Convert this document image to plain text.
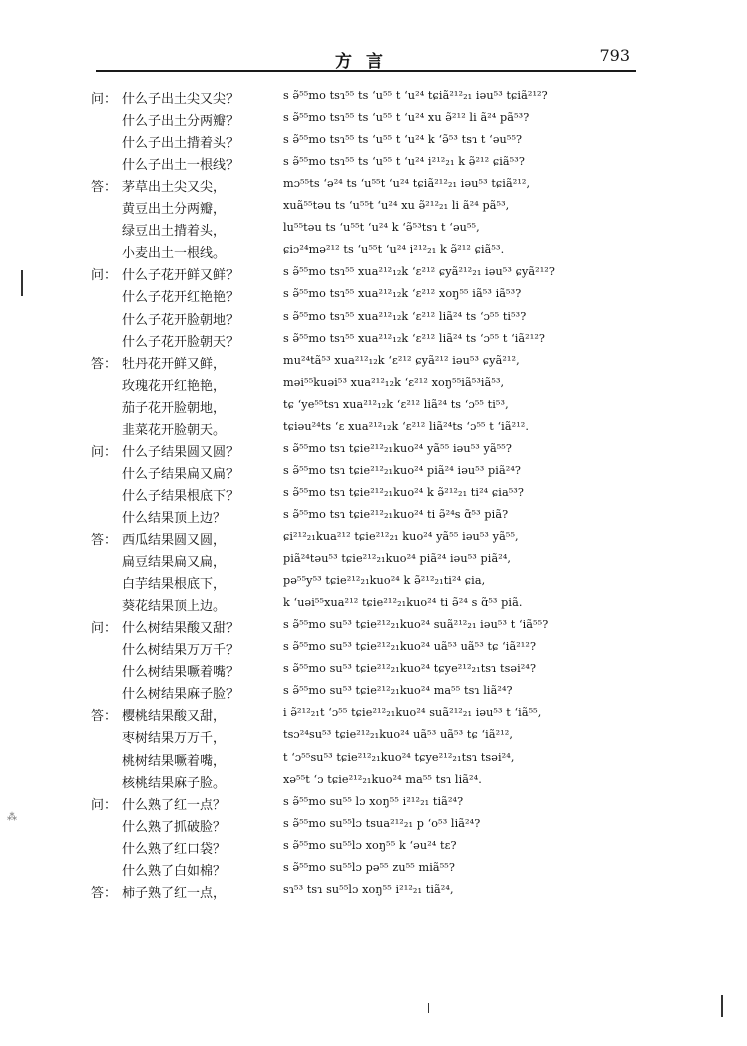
方言	793
⁂
问： 什么子出土尖又尖？	s ə̃⁵⁵mo tsɿ⁵⁵ ts ʻu⁵⁵ t ʻu²⁴ tɕiã²¹²₂₁ iəu⁵³ tɕiã²¹²?
什么子出土分两瓣？	s ə̃⁵⁵mo tsɿ⁵⁵ ts ʻu⁵⁵ t ʻu²⁴ xu ə̃²¹² li ã²⁴ pã⁵³?
什么子出土揹着头？	s ə̃⁵⁵mo tsɿ⁵⁵ ts ʻu⁵⁵ t ʻu²⁴ k ʻə̃⁵³ tsɿ t ʻəu⁵⁵?
什么子出土一根线？	s ə̃⁵⁵mo tsɿ⁵⁵ ts ʻu⁵⁵ t ʻu²⁴ i²¹²₂₁ k ə̃²¹² ɕiã⁵³?
答： 茅草出土尖又尖，	mɔ⁵⁵ts ʻə²⁴ ts ʻu⁵⁵t ʻu²⁴ tɕiã²¹²₂₁ iəu⁵³ tɕiã²¹²,
黄豆出土分两瓣，	xuã⁵⁵təu ts ʻu⁵⁵t ʻu²⁴ xu ə̃²¹²₂₁ li ã²⁴ pã⁵³,
绿豆出土揹着头，	lu⁵⁵təu ts ʻu⁵⁵t ʻu²⁴ k ʻə̃⁵³tsɿ t ʻəu⁵⁵,
小麦出土一根线。	ɕiɔ²⁴mə²¹² ts ʻu⁵⁵t ʻu²⁴ i²¹²₂₁ k ə̃²¹² ɕiã⁵³.
问： 什么子花开鲜又鲜？	s ə̃⁵⁵mo tsɿ⁵⁵ xua²¹²₁₂k ʻɛ²¹² ɕyã²¹²₂₁ iəu⁵³ ɕyã²¹²?
什么子花开红艳艳？	s ə̃⁵⁵mo tsɿ⁵⁵ xua²¹²₁₂k ʻɛ²¹² xoŋ⁵⁵ iã⁵³ iã⁵³?
什么子花开脸朝地？	s ə̃⁵⁵mo tsɿ⁵⁵ xua²¹²₁₂k ʻɛ²¹² liã²⁴ ts ʻɔ⁵⁵ ti⁵³?
什么子花开脸朝天？	s ə̃⁵⁵mo tsɿ⁵⁵ xua²¹²₁₂k ʻɛ²¹² liã²⁴ ts ʻɔ⁵⁵ t ʻiã²¹²?
答： 牡丹花开鲜又鲜，	mu²⁴tã⁵³ xua²¹²₁₂k ʻɛ²¹² ɕyã²¹² iəu⁵³ ɕyã²¹²,
玫瑰花开红艳艳，	məi⁵⁵kuəi⁵³ xua²¹²₁₂k ʻɛ²¹² xoŋ⁵⁵iã⁵³iã⁵³,
茄子花开脸朝地，	tɕ ʻye⁵⁵tsɿ xua²¹²₁₂k ʻɛ²¹² liã²⁴ ts ʻɔ⁵⁵ ti⁵³,
韭菜花开脸朝天。	tɕiəu²⁴ts ʻɛ xua²¹²₁₂k ʻɛ²¹² liã²⁴ts ʻɔ⁵⁵ t ʻiã²¹².
问： 什么子结果圆又圆？	s ə̃⁵⁵mo tsɿ tɕie²¹²₂₁kuo²⁴ yã⁵⁵ iəu⁵³ yã⁵⁵?
什么子结果扁又扁？	s ə̃⁵⁵mo tsɿ tɕie²¹²₂₁kuo²⁴ piã²⁴ iəu⁵³ piã²⁴?
什么子结果根底下？	s ə̃⁵⁵mo tsɿ tɕie²¹²₂₁kuo²⁴ k ə̃²¹²₂₁ ti²⁴ ɕia⁵³?
什么结果顶上边？	s ə̃⁵⁵mo tsɿ tɕie²¹²₂₁kuo²⁴ ti ə̃²⁴s ɑ̃⁵³ piã?
答： 西瓜结果圆又圆，	ɕi²¹²₂₁kua²¹² tɕie²¹²₂₁ kuo²⁴ yã⁵⁵ iəu⁵³ yã⁵⁵,
扁豆结果扁又扁，	piã²⁴təu⁵³ tɕie²¹²₂₁kuo²⁴ piã²⁴ iəu⁵³ piã²⁴,
白芋结果根底下，	pə⁵⁵y⁵³ tɕie²¹²₂₁kuo²⁴ k ə̃²¹²₂₁ti²⁴ ɕia,
葵花结果顶上边。	k ʻuəi⁵⁵xua²¹² tɕie²¹²₂₁kuo²⁴ ti ə̃²⁴ s ɑ̃⁵³ piã.
问： 什么树结果酸又甜？	s ə̃⁵⁵mo su⁵³ tɕie²¹²₂₁kuo²⁴ suã²¹²₂₁ iəu⁵³ t ʻiã⁵⁵?
什么树结果万万千？	s ə̃⁵⁵mo su⁵³ tɕie²¹²₂₁kuo²⁴ uã⁵³ uã⁵³ tɕ ʻiã²¹²?
什么树结果噘着嘴？	s ə̃⁵⁵mo su⁵³ tɕie²¹²₂₁kuo²⁴ tɕye²¹²₂₁tsɿ tsəi²⁴?
什么树结果麻子脸？	s ə̃⁵⁵mo su⁵³ tɕie²¹²₂₁kuo²⁴ ma⁵⁵ tsɿ liã²⁴?
答： 樱桃结果酸又甜，	i ə̃²¹²₂₁t ʻɔ⁵⁵ tɕie²¹²₂₁kuo²⁴ suã²¹²₂₁ iəu⁵³ t ʻiã⁵⁵,
枣树结果万万千，	tsɔ²⁴su⁵³ tɕie²¹²₂₁kuo²⁴ uã⁵³ uã⁵³ tɕ ʻiã²¹²,
桃树结果噘着嘴，	t ʻɔ⁵⁵su⁵³ tɕie²¹²₂₁kuo²⁴ tɕye²¹²₂₁tsɿ tsəi²⁴,
核桃结果麻子脸。	xə⁵⁵t ʻɔ tɕie²¹²₂₁kuo²⁴ ma⁵⁵ tsɿ liã²⁴.
问： 什么熟了红一点？	s ə̃⁵⁵mo su⁵⁵ lɔ xoŋ⁵⁵ i²¹²₂₁ tiã²⁴?
什么熟了抓破脸？	s ə̃⁵⁵mo su⁵⁵lɔ tsua²¹²₂₁ p ʻo⁵³ liã²⁴?
什么熟了红口袋？	s ə̃⁵⁵mo su⁵⁵lɔ xoŋ⁵⁵ k ʻəu²⁴ tɛ?
什么熟了白如棉？	s ə̃⁵⁵mo su⁵⁵lɔ pə⁵⁵ zu⁵⁵ miã⁵⁵?
答： 柿子熟了红一点，	sɿ⁵³ tsɿ su⁵⁵lɔ xoŋ⁵⁵ i²¹²₂₁ tiã²⁴,
